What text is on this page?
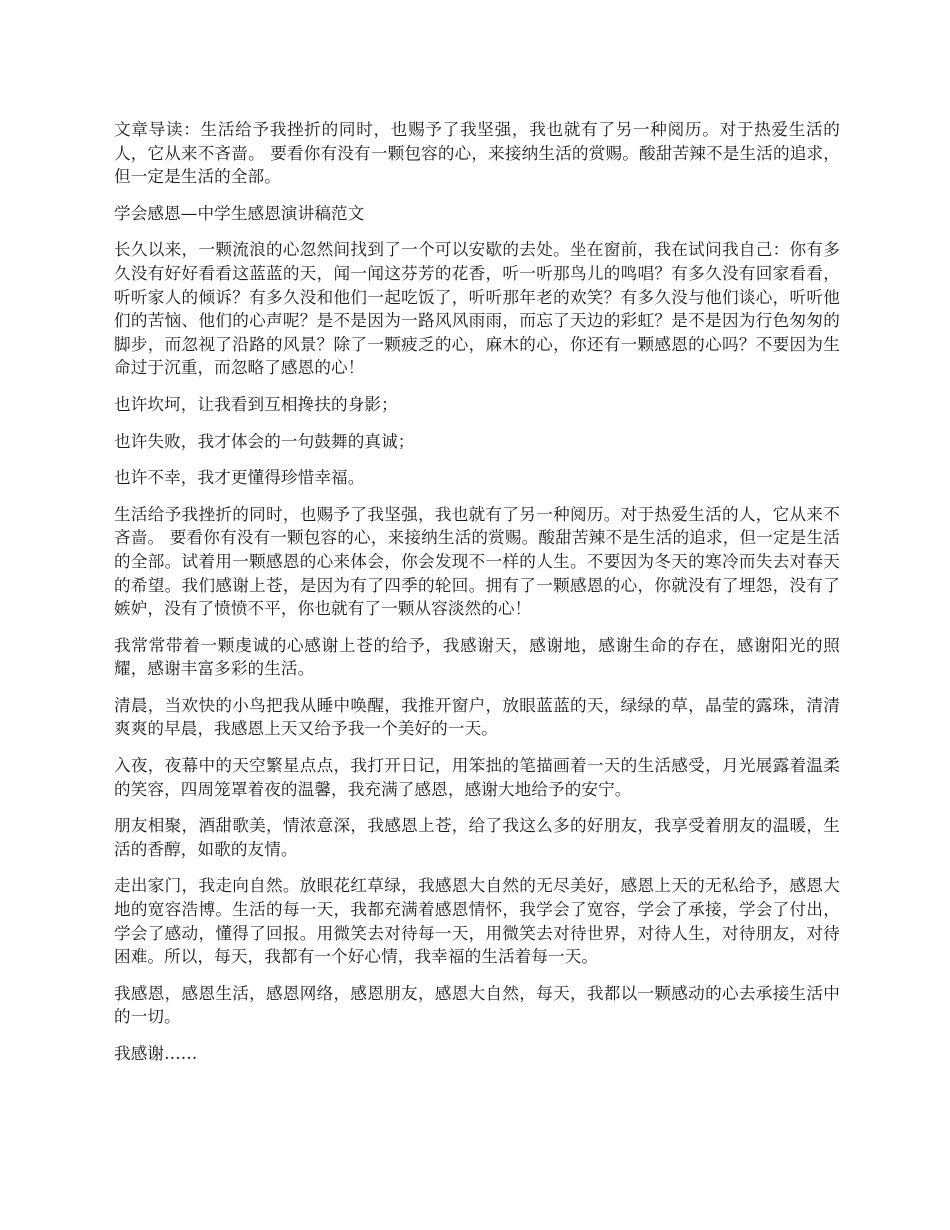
文章导读：生活给予我挫折的同时，也赐予了我坚强，我也就有了另一种阅历。对于热爱生活的人，它从来不吝啬。 要看你有没有一颗包容的心，来接纳生活的赏赐。酸甜苦辣不是生活的追求，但一定是生活的全部。

学会感恩—中学生感恩演讲稿范文

长久以来，一颗流浪的心忽然间找到了一个可以安歇的去处。坐在窗前，我在试问我自己：你有多久没有好好看看这蓝蓝的天，闻一闻这芬芳的花香，听一听那鸟儿的鸣唱？有多久没有回家看看，听听家人的倾诉？有多久没和他们一起吃饭了，听听那年老的欢笑？有多久没与他们谈心，听听他们的苦恼、他们的心声呢？是不是因为一路风风雨雨，而忘了天边的彩虹？是不是因为行色匆匆的脚步，而忽视了沿路的风景？除了一颗疲乏的心，麻木的心，你还有一颗感恩的心吗？不要因为生命过于沉重，而忽略了感恩的心！

也许坎坷，让我看到互相搀扶的身影；

也许失败，我才体会的一句鼓舞的真诚；

也许不幸，我才更懂得珍惜幸福。

生活给予我挫折的同时，也赐予了我坚强，我也就有了另一种阅历。对于热爱生活的人，它从来不吝啬。 要看你有没有一颗包容的心，来接纳生活的赏赐。酸甜苦辣不是生活的追求，但一定是生活的全部。试着用一颗感恩的心来体会，你会发现不一样的人生。不要因为冬天的寒冷而失去对春天的希望。我们感谢上苍，是因为有了四季的轮回。拥有了一颗感恩的心，你就没有了埋怨，没有了嫉妒，没有了愤愤不平，你也就有了一颗从容淡然的心！

我常常带着一颗虔诚的心感谢上苍的给予，我感谢天，感谢地，感谢生命的存在，感谢阳光的照耀，感谢丰富多彩的生活。

清晨，当欢快的小鸟把我从睡中唤醒，我推开窗户，放眼蓝蓝的天，绿绿的草，晶莹的露珠，清清爽爽的早晨，我感恩上天又给予我一个美好的一天。

入夜，夜幕中的天空繁星点点，我打开日记，用笨拙的笔描画着一天的生活感受，月光展露着温柔的笑容，四周笼罩着夜的温馨，我充满了感恩，感谢大地给予的安宁。

朋友相聚，酒甜歌美，情浓意深，我感恩上苍，给了我这么多的好朋友，我享受着朋友的温暖，生活的香醇，如歌的友情。

走出家门，我走向自然。放眼花红草绿，我感恩大自然的无尽美好，感恩上天的无私给予，感恩大地的宽容浩博。生活的每一天，我都充满着感恩情怀，我学会了宽容，学会了承接，学会了付出，学会了感动，懂得了回报。用微笑去对待每一天，用微笑去对待世界，对待人生，对待朋友，对待困难。所以，每天，我都有一个好心情，我幸福的生活着每一天。

我感恩，感恩生活，感恩网络，感恩朋友，感恩大自然，每天，我都以一颗感动的心去承接生活中的一切。

我感谢……
